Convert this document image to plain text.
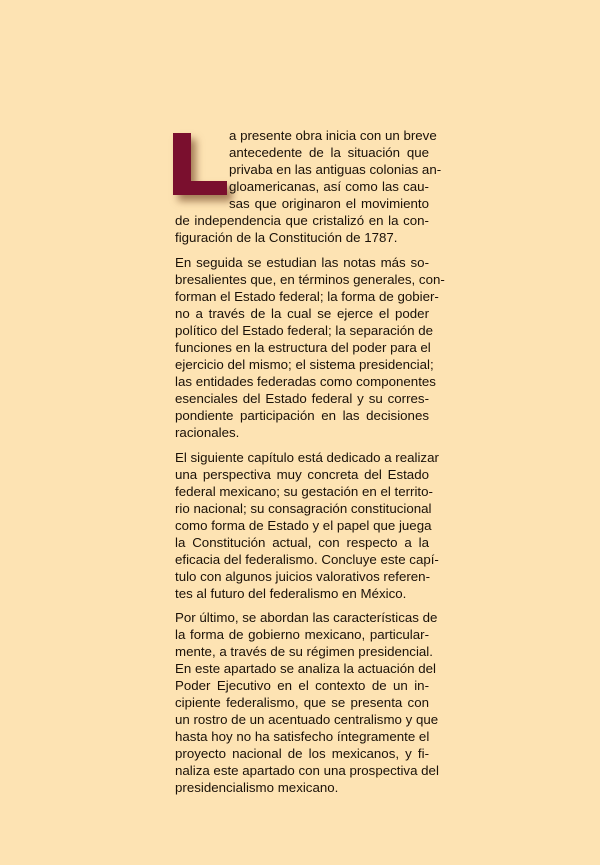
a presente obra inicia con un breve
antecedente de la situación que
privaba en las antiguas colonias an-
gloamericanas, así como las cau-
sas que originaron el movimiento
de independencia que cristalizó en la con-
figuración de la Constitución de 1787.
En seguida se estudian las notas más so-
bresalientes que, en términos generales, con-
forman el Estado federal; la forma de gobier-
no a través de la cual se ejerce el poder
político del Estado federal; la separación de
funciones en la estructura del poder para el
ejercicio del mismo; el sistema presidencial;
las entidades federadas como componentes
esenciales del Estado federal y su corres-
pondiente participación en las decisiones
racionales.
El siguiente capítulo está dedicado a realizar
una perspectiva muy concreta del Estado
federal mexicano; su gestación en el territo-
rio nacional; su consagración constitucional
como forma de Estado y el papel que juega
la Constitución actual, con respecto a la
eficacia del federalismo. Concluye este capí-
tulo con algunos juicios valorativos referen-
tes al futuro del federalismo en México.
Por último, se abordan las características de
la forma de gobierno mexicano, particular-
mente, a través de su régimen presidencial.
En este apartado se analiza la actuación del
Poder Ejecutivo en el contexto de un in-
cipiente federalismo, que se presenta con
un rostro de un acentuado centralismo y que
hasta hoy no ha satisfecho íntegramente el
proyecto nacional de los mexicanos, y fi-
naliza este apartado con una prospectiva del
presidencialismo mexicano.
